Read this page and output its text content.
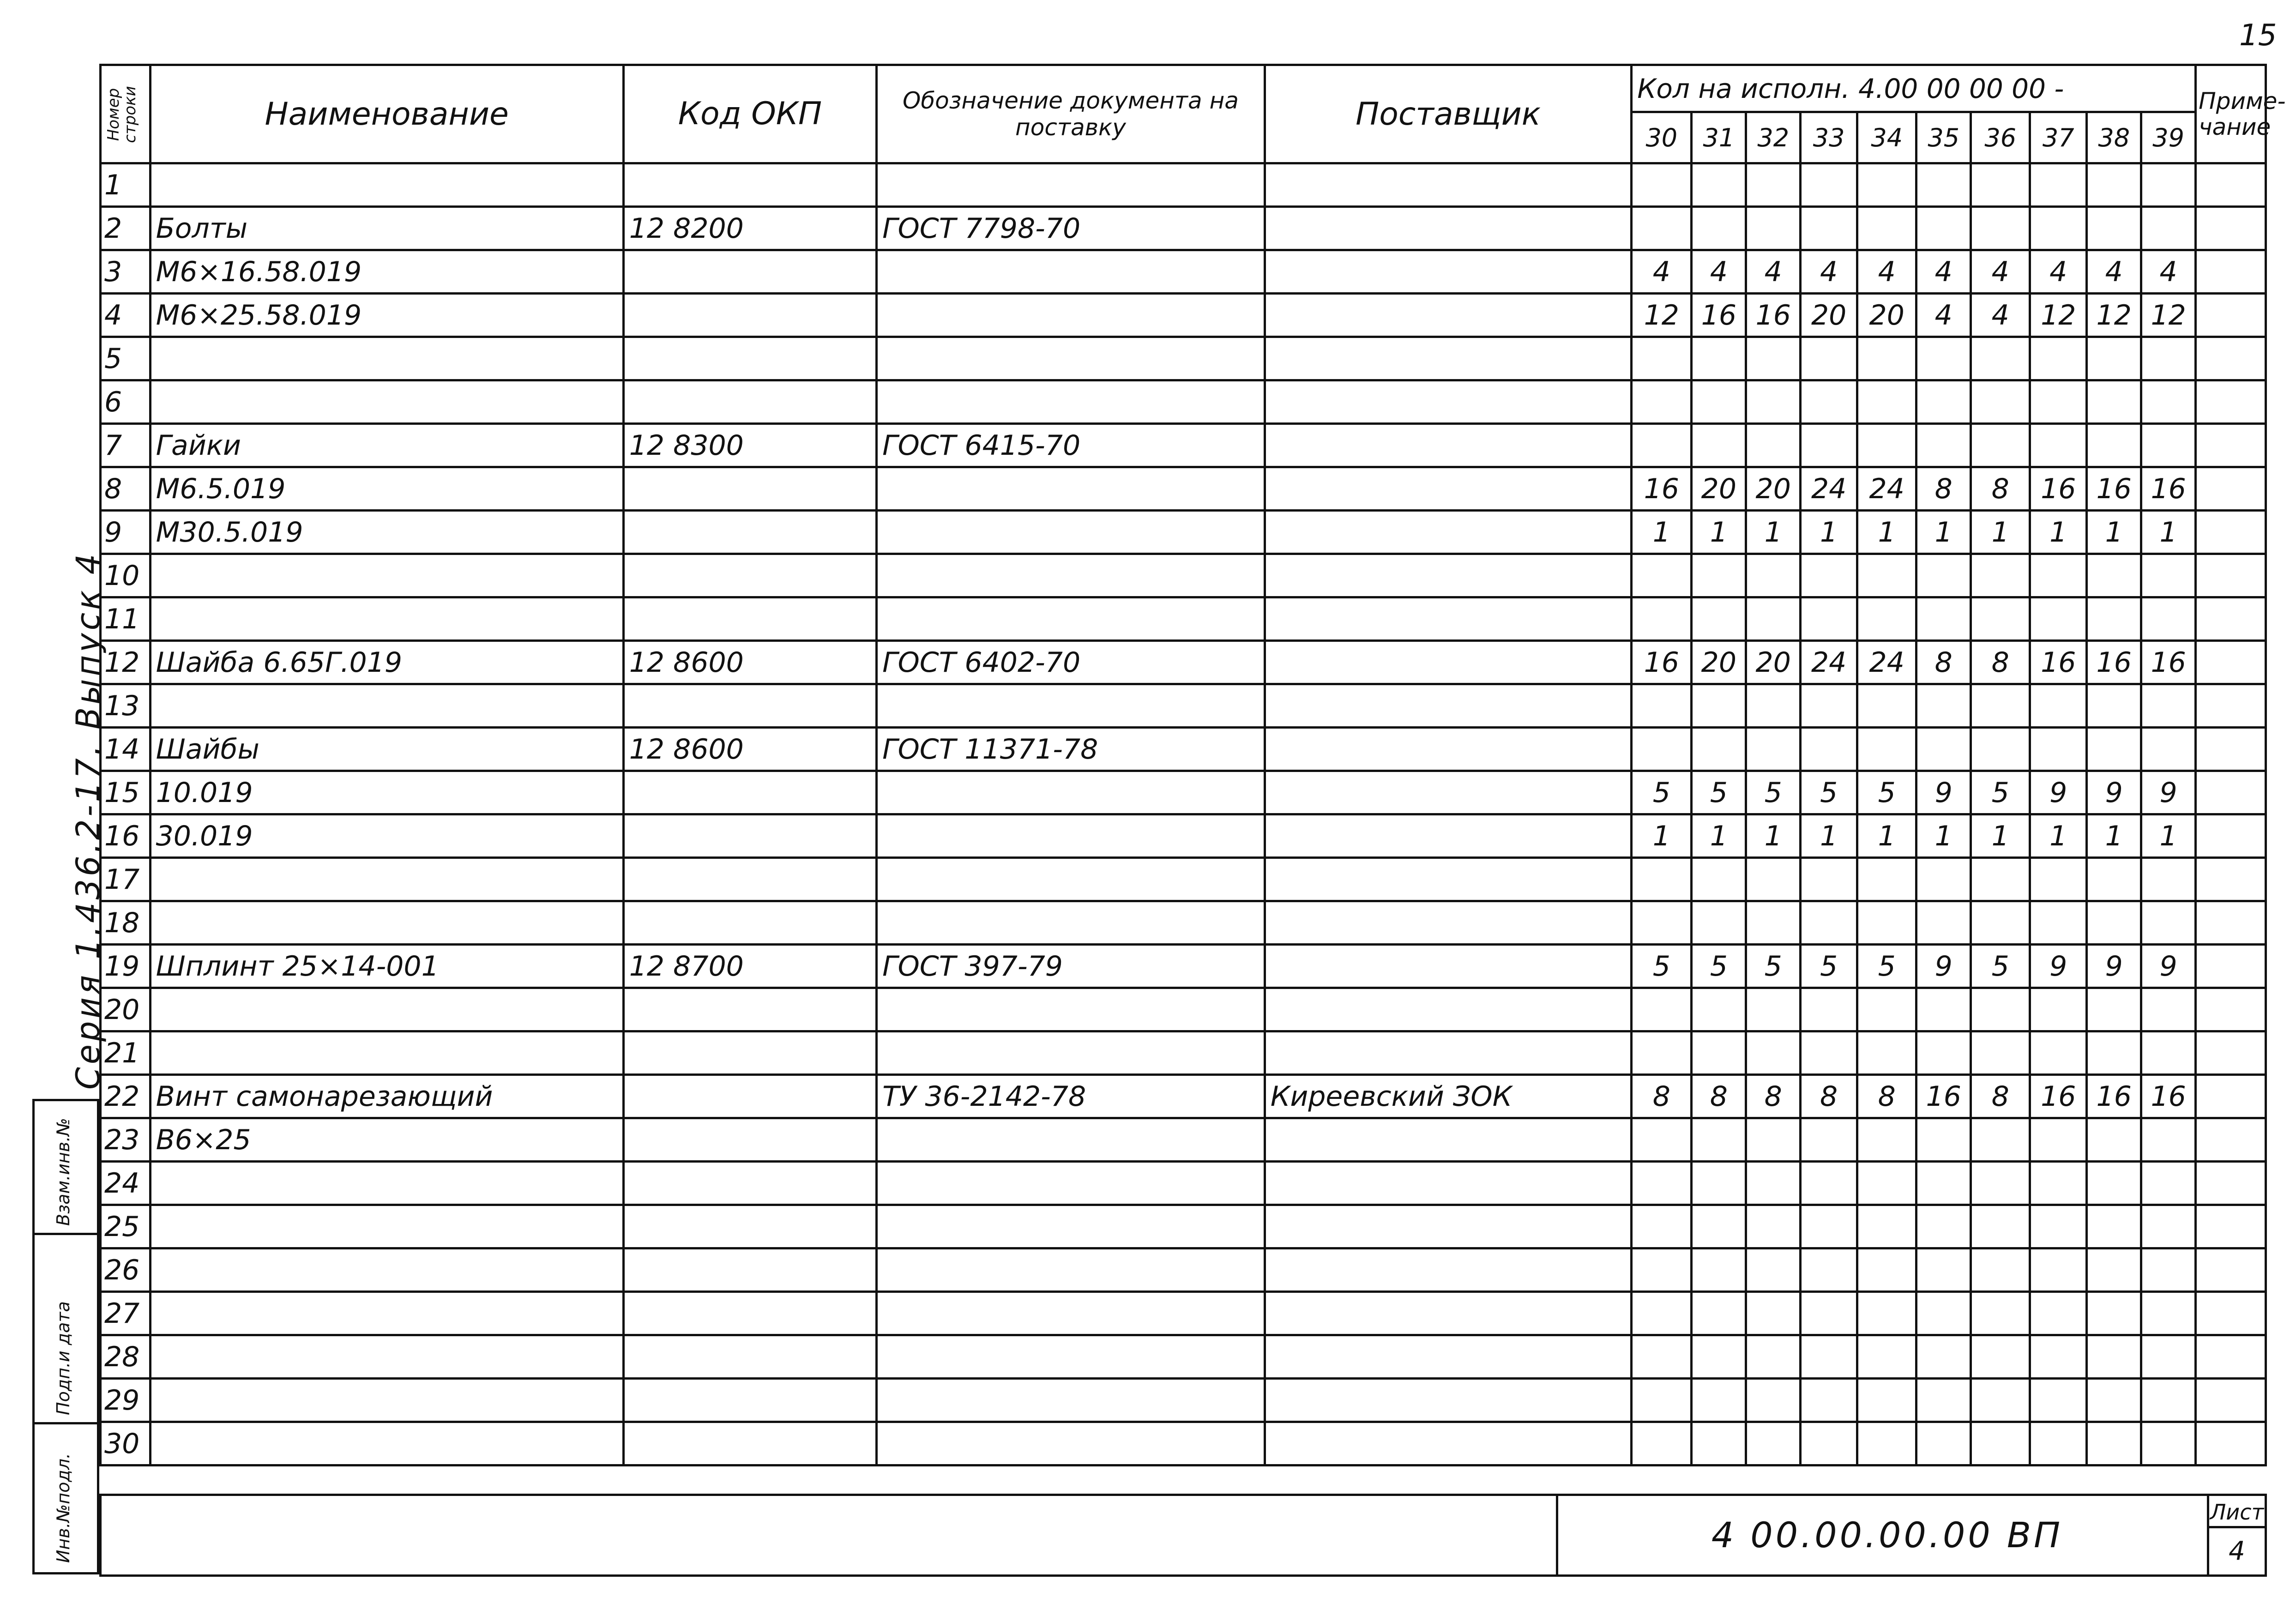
15
Серия 1.436.2-17. Выпуск 4
Взам.инв.№
Подп.и дата
Инв.№подл.
Номер строки	Наименование	Код ОКП	Обозначение документа на поставку	Поставщик	Кол на исполн. 4.00 00 00 00 -										Приме-чание
					30	31	32	33	34	35	36	37	38	39	
1															
2	Болты	12 8200	ГОСТ 7798-70												
3	М6×16.58.019				4	4	4	4	4	4	4	4	4	4	
4	М6×25.58.019				12	16	16	20	20	4	4	12	12	12	
5															
6															
7	Гайки	12 8300	ГОСТ 6415-70												
8	М6.5.019				16	20	20	24	24	8	8	16	16	16	
9	М30.5.019				1	1	1	1	1	1	1	1	1	1	
10															
11															
12	Шайба 6.65Г.019	12 8600	ГОСТ 6402-70		16	20	20	24	24	8	8	16	16	16	
13															
14	Шайбы	12 8600	ГОСТ 11371-78												
15	10.019				5	5	5	5	5	9	5	9	9	9	
16	30.019				1	1	1	1	1	1	1	1	1	1	
17															
18															
19	Шплинт 25×14-001	12 8700	ГОСТ 397-79		5	5	5	5	5	9	5	9	9	9	
20															
21															
22	Винт самонарезающий		ТУ 36-2142-78	Киреевский ЗОК	8	8	8	8	8	16	8	16	16	16	
23	В6×25														
24															
25															
26															
27															
28															
29															
30															
4 00.00.00.00 ВП
Лист
4
